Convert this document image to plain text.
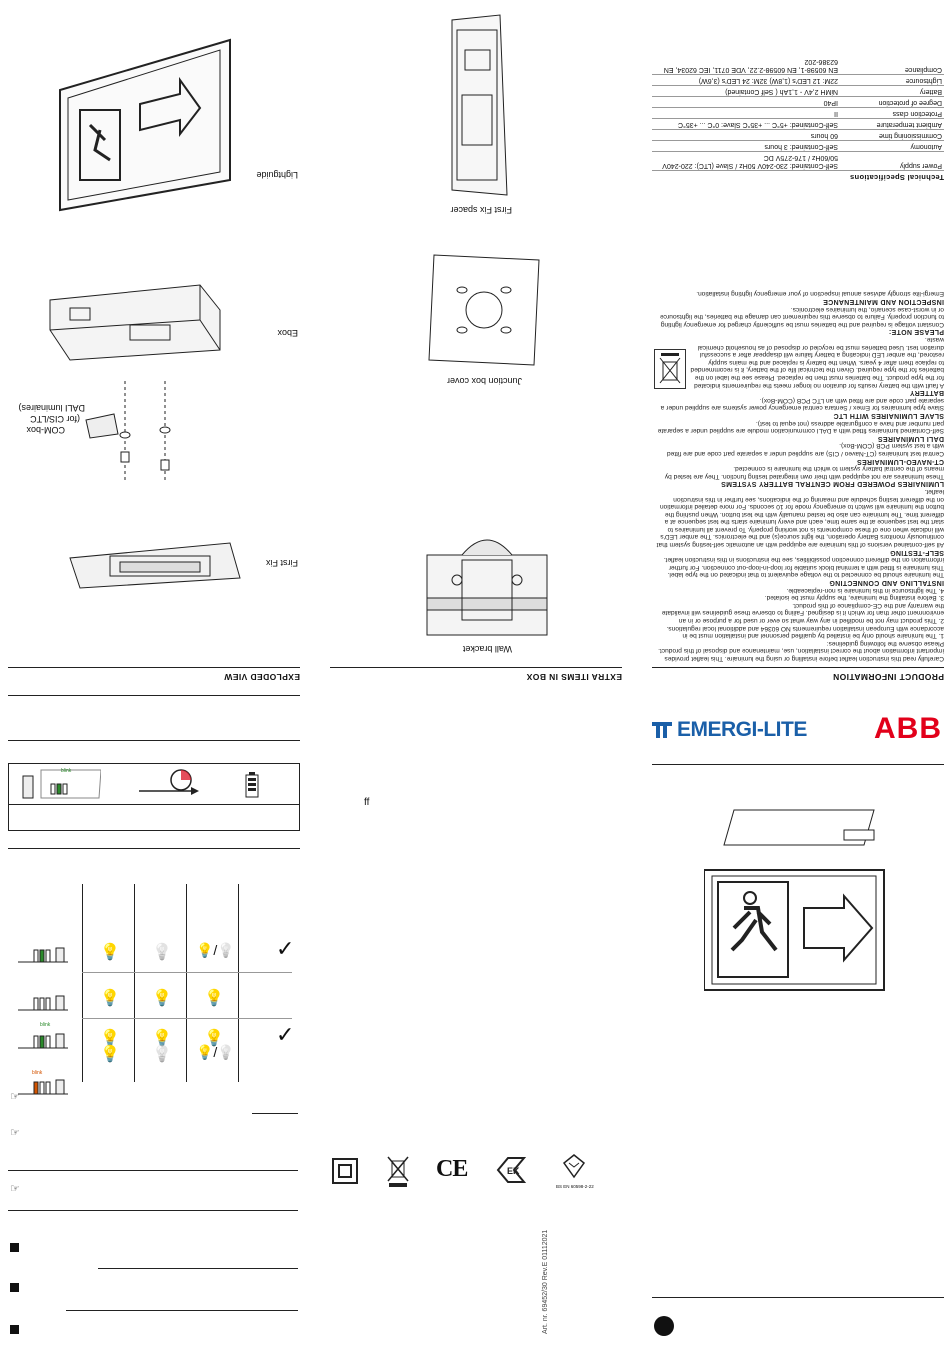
PRODUCT INFORMATION
Carefully read this instruction leaflet before installing or using the luminaire. This leaflet provides important information about the correct installation, use, maintenance and disposal of this product.
Please observe the following guidelines:
1. The luminaire should only be installed by qualified personnel and installation must be in accordance with European installation requirements NO 60364 and additional local regulations.
2. This product may not be modified in any way what so ever or used for a purpose or in an environment other than for which it is designed. Failing to observe these guidelines will invalidate the warranty and the CE-compliance of this product.
3. Before installing the luminaire, the supply must be isolated.
4. The lightsource in this luminaire is non-replaceable.
INSTALLING AND CONNECTING
The luminaire should be connected to the voltage equivalent to that indicated on the type label. This luminaire is fitted with a terminal block suitable for loop-in-loop-out connection. For further information on the different connection possibilities, see the instructions in this instruction leaflet.
SELF-TESTING
All self-contained versions of this luminaire are equipped with an automatic self-testing system that continuously monitors Battery operation, the light source(s) and the electronics. The amber LED's will indicate when one of these components is not working properly. To prevent all luminaires to start the test sequence at the same time, each and every luminaire starts the test sequence at a different time. The luminaire can also be tested manually with the test button. When pushing the button the luminaire will switch to emergency mode for 10 seconds. For more detailed information on the different testing schedule and meaning of the indications, see further in this instruction leaflet.
LUMINAIRES POWERED FROM CENTRAL BATTERY SYSTEMS
These luminaires are not equipped with their own integrated testing function. They are tested by means of the central battery system to which the luminaire is connected.
CT-NAVEO-LUMINAIRES
Central test luminaires (CT-Naveo / CIS) are supplied under a separate part code and are fitted with a test system PCB (COM-Box).
DALI LUMINAIRES
Self-Contained luminaires fitted with a DALI communication module are supplied under a separate part number and have a configurable address (not equal to test).
SLAVE LUMINAIRES WITH LTC
Slave type luminaires for Emex / Sentara central emergency power systems are supplied under a separate part code and are fitted with an LTC PCB (COM-Box).
BATTERY
A fault with the battery results for duration no longer meets the requirements indicated for the type product. The batteries must then be replaced. Please see the label on the batteries for the type required. Given the technical life of the battery, it is recommended to replace them after 4 years. When the battery is replaced and the mains supply restored, the amber LED indicating a battery failure will disappear after a successful duration test. Used batteries must be recycled or disposed of as household chemical waste.
PLEASE NOTE:
Constant voltage is required and the batteries must be sufficiently charged for emergency lighting to function properly. Failure to observe this requirement can damage the batteries, the lightsource or in worst-case scenario, the luminaires electronics.
INSPECTION AND MAINTENANCE
Emergi-lite strongly advises annual inspection of your emergency lighting installation.
Technical Specifications
Power supply	Self-Contained: 230-240V 50Hz / Slave (LTC): 220-240V 50/60Hz / 176-275V DC
Autonomy	Self-Contained: 3 hours
Commissioning time	60 hours
Ambient temperature	Self-Contained: +5°C ... +35°C Slave: 0°C ... +35°C
Protection class	II
Degree of protection	IP40
Battery	NiMH 2,4V - 1,1Ah ( Self Contained)
Lightsource	22M: 12 LED's (1,8W) 32M: 24 LED's (3,6W)
Compliance	EN 60598-1, EN 60598-2.22, VDE 0711, IEC 62034, EN 62386-202
EMERGI-LITE ABB
EXTRA ITEMS IN BOX
Wall bracket
Junction box cover
First Fix spacer
ff
CE	EK
BS EN 60598-2-22
Art. nr. 69452/30 Rev.E 01112021
EXPLODED VIEW
First Fix
COM-box
(for CIS/LTC
DALI luminaires)
Ebox
Lightguide
blink
💡 💡 💡/💡 ✓
💡 💡 💡
blink
💡 💡 💡 ✓
blink
💡 💡 💡/💡
☞
☞
☞
